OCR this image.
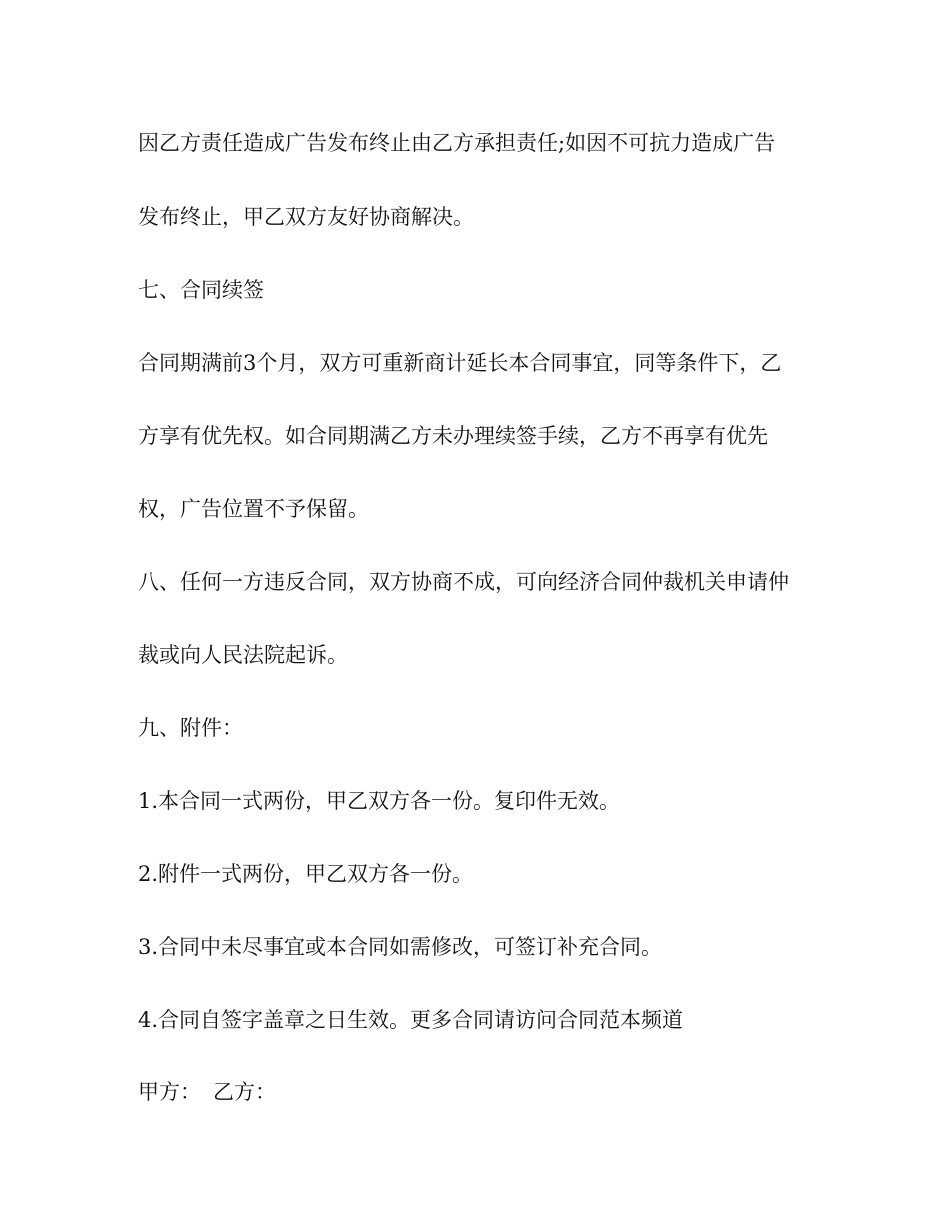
因乙方责任造成广告发布终止由乙方承担责任;如因不可抗力造成广告

发布终止，甲乙双方友好协商解决。

七、合同续签

合同期满前3个月，双方可重新商计延长本合同事宜，同等条件下，乙

方享有优先权。如合同期满乙方未办理续签手续，乙方不再享有优先

权，广告位置不予保留。

八、任何一方违反合同，双方协商不成，可向经济合同仲裁机关申请仲

裁或向人民法院起诉。

九、附件：

1.本合同一式两份，甲乙双方各一份。复印件无效。

2.附件一式两份，甲乙双方各一份。

3.合同中未尽事宜或本合同如需修改，可签订补充合同。

4.合同自签字盖章之日生效。更多合同请访问合同范本频道

甲方： 乙方：
